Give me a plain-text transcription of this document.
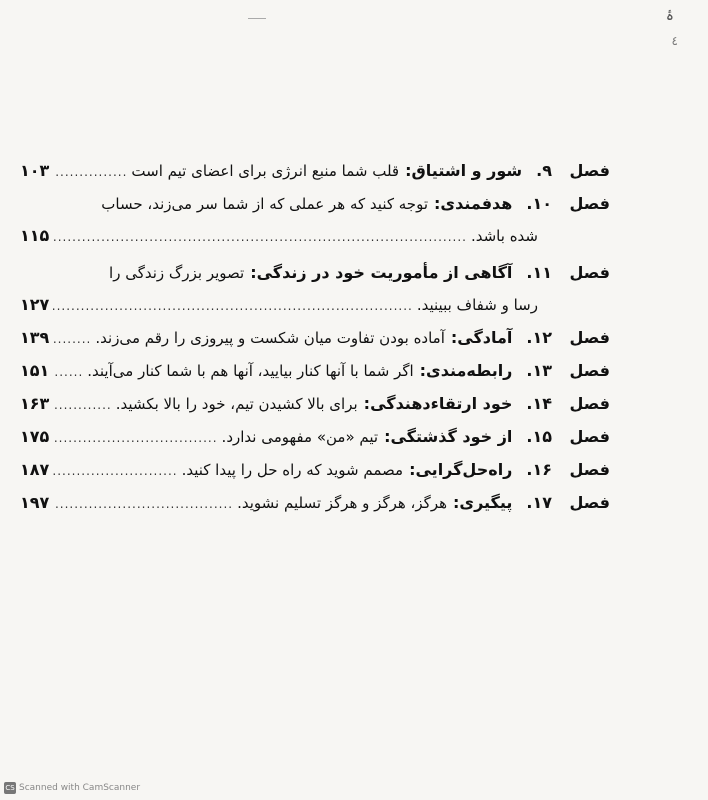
ۂ
٤
فصل
۹.
شور و اشتیاق:
قلب شما منبع انرژی برای اعضای تیم است
.....
۱۰۳
فصل
۱۰.
هدفمندی:
توجه کنید که هر عملی که از شما سر می‌زند، حساب
شده باشد.
.....
۱۱۵
فصل
۱۱.
آگاهی از مأموریت خود در زندگی:
تصویر بزرگ زندگی را
رسا و شفاف ببینید.
.....
۱۲۷
فصل
۱۲.
آمادگی:
آماده بودن تفاوت میان شکست و پیروزی را رقم می‌زند.
.....
۱۳۹
فصل
۱۳.
رابطه‌مندی:
اگر شما با آنها کنار بیایید، آنها هم با شما کنار می‌آیند.
.....
۱۵۱
فصل
۱۴.
خود ارتقاءدهندگی:
برای بالا کشیدن تیم، خود را بالا بکشید.
.....
۱۶۳
فصل
۱۵.
از خود گذشتگی:
تیم «من» مفهومی ندارد.
.....
۱۷۵
فصل
۱۶.
راه‌حل‌گرایی:
مصمم شوید که راه حل را پیدا کنید.
.....
۱۸۷
فصل
۱۷.
پیگیری:
هرگز، هرگز و هرگز تسلیم نشوید.
.....
۱۹۷
CS Scanned with CamScanner
